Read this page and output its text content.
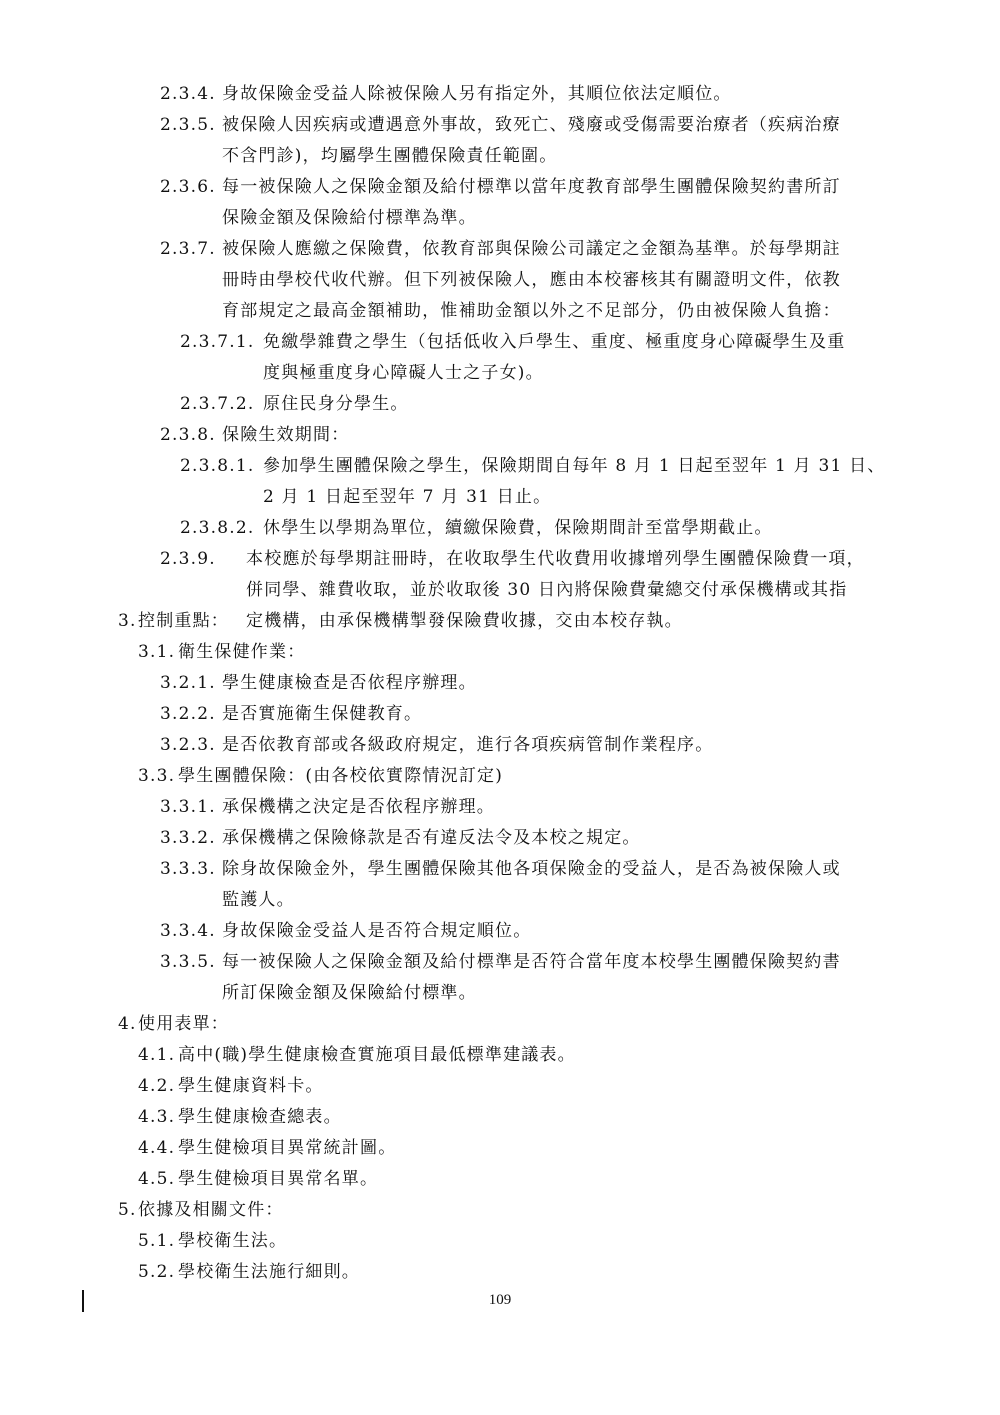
2.3.4. 身故保險金受益人除被保險人另有指定外，其順位依法定順位。
2.3.5. 被保險人因疾病或遭遇意外事故，致死亡、殘廢或受傷需要治療者（疾病治療
不含門診)，均屬學生團體保險責任範圍。
2.3.6. 每一被保險人之保險金額及給付標準以當年度教育部學生團體保險契約書所訂
保險金額及保險給付標準為準。
2.3.7. 被保險人應繳之保險費，依教育部與保險公司議定之金額為基準。於每學期註
冊時由學校代收代辦。但下列被保險人，應由本校審核其有關證明文件，依教
育部規定之最高金額補助，惟補助金額以外之不足部分，仍由被保險人負擔：
2.3.7.1. 免繳學雜費之學生（包括低收入戶學生、重度、極重度身心障礙學生及重
度與極重度身心障礙人士之子女)。
2.3.7.2. 原住民身分學生。
2.3.8. 保險生效期間：
2.3.8.1. 參加學生團體保險之學生，保險期間自每年 8 月 1 日起至翌年 1 月 31 日、
2 月 1 日起至翌年 7 月 31 日止。
2.3.8.2. 休學生以學期為單位，續繳保險費，保險期間計至當學期截止。
2.3.9.	本校應於每學期註冊時，在收取學生代收費用收據增列學生團體保險費一項，
併同學、雜費收取，並於收取後 30 日內將保險費彙總交付承保機構或其指
定機構，由承保機構掣發保險費收據，交由本校存執。
3. 控制重點：
3.1. 衛生保健作業：
3.2.1. 學生健康檢查是否依程序辦理。
3.2.2. 是否實施衛生保健教育。
3.2.3. 是否依教育部或各級政府規定，進行各項疾病管制作業程序。
3.3. 學生團體保險：(由各校依實際情況訂定)
3.3.1. 承保機構之決定是否依程序辦理。
3.3.2. 承保機構之保險條款是否有違反法令及本校之規定。
3.3.3. 除身故保險金外，學生團體保險其他各項保險金的受益人，是否為被保險人或
監護人。
3.3.4. 身故保險金受益人是否符合規定順位。
3.3.5. 每一被保險人之保險金額及給付標準是否符合當年度本校學生團體保險契約書
所訂保險金額及保險給付標準。
4. 使用表單：
4.1. 高中(職)學生健康檢查實施項目最低標準建議表。
4.2. 學生健康資料卡。
4.3. 學生健康檢查總表。
4.4. 學生健檢項目異常統計圖。
4.5. 學生健檢項目異常名單。
5. 依據及相關文件：
5.1. 學校衛生法。
5.2. 學校衛生法施行細則。
109
